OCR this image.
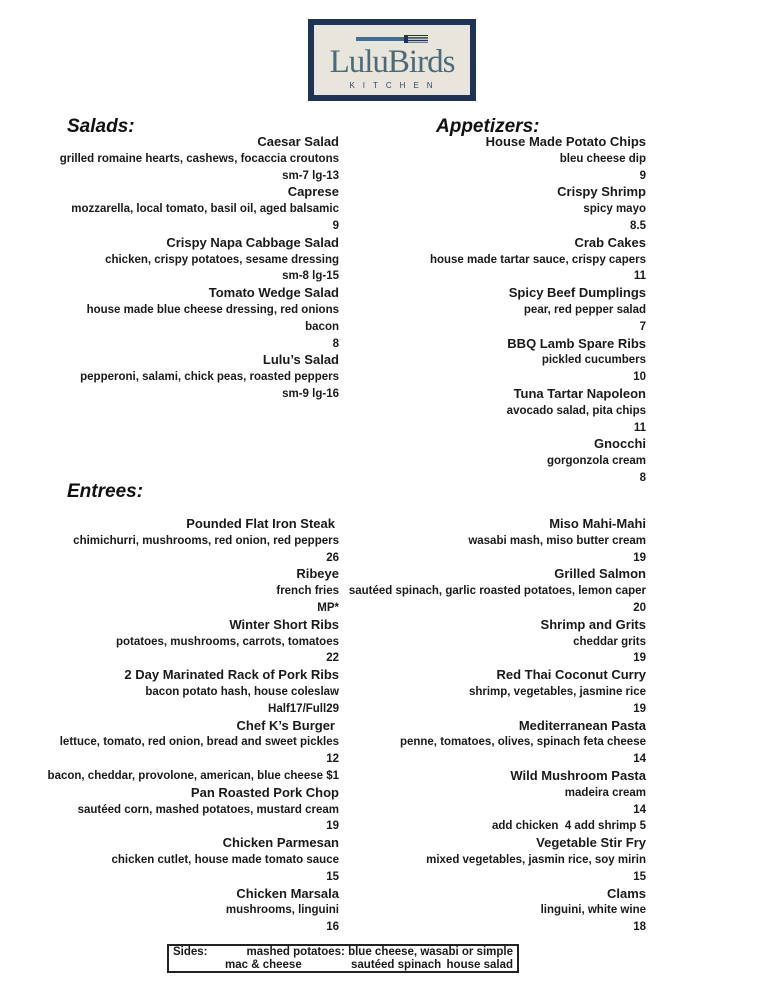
LuluBirds
KITCHEN
Salads:
Caesar Salad
grilled romaine hearts, cashews, focaccia croutons
sm-7 lg-13
Caprese
mozzarella, local tomato, basil oil, aged balsamic
9
Crispy Napa Cabbage Salad
chicken, crispy potatoes, sesame dressing
sm-8 lg-15
Tomato Wedge Salad
house made blue cheese dressing, red onions
bacon
8
Lulu’s Salad
pepperoni, salami, chick peas, roasted peppers
sm-9 lg-16
Appetizers:
House Made Potato Chips
bleu cheese dip
9
Crispy Shrimp
spicy mayo
8.5
Crab Cakes
house made tartar sauce, crispy capers
11
Spicy Beef Dumplings
pear, red pepper salad
7
BBQ Lamb Spare Ribs
pickled cucumbers
10
Tuna Tartar Napoleon
avocado salad, pita chips
11
Gnocchi
gorgonzola cream
8
Entrees:
Pounded Flat Iron Steak
chimichurri, mushrooms, red onion, red peppers
26
Ribeye
french fries
MP*
Winter Short Ribs
potatoes, mushrooms, carrots, tomatoes
22
2 Day Marinated Rack of Pork Ribs
bacon potato hash, house coleslaw
Half17/Full29
Chef K’s Burger
lettuce, tomato, red onion, bread and sweet pickles
12
bacon, cheddar, provolone, american, blue cheese $1
Pan Roasted Pork Chop
sautéed corn, mashed potatoes, mustard cream
19
Chicken Parmesan
chicken cutlet, house made tomato sauce
15
Chicken Marsala
mushrooms, linguini
16
Miso Mahi-Mahi
wasabi mash, miso butter cream
19
Grilled Salmon
sautéed spinach, garlic roasted potatoes, lemon caper
20
Shrimp and Grits
cheddar grits
19
Red Thai Coconut Curry
shrimp, vegetables, jasmine rice
19
Mediterranean Pasta
penne, tomatoes, olives, spinach feta cheese
14
Wild Mushroom Pasta
madeira cream
14
add chicken  4 add shrimp 5
Vegetable Stir Fry
mixed vegetables, jasmin rice, soy mirin
15
Clams
linguini, white wine
18
Sides:	mashed potatoes: blue cheese, wasabi or simple
mac & cheese	sautéed spinach house salad
